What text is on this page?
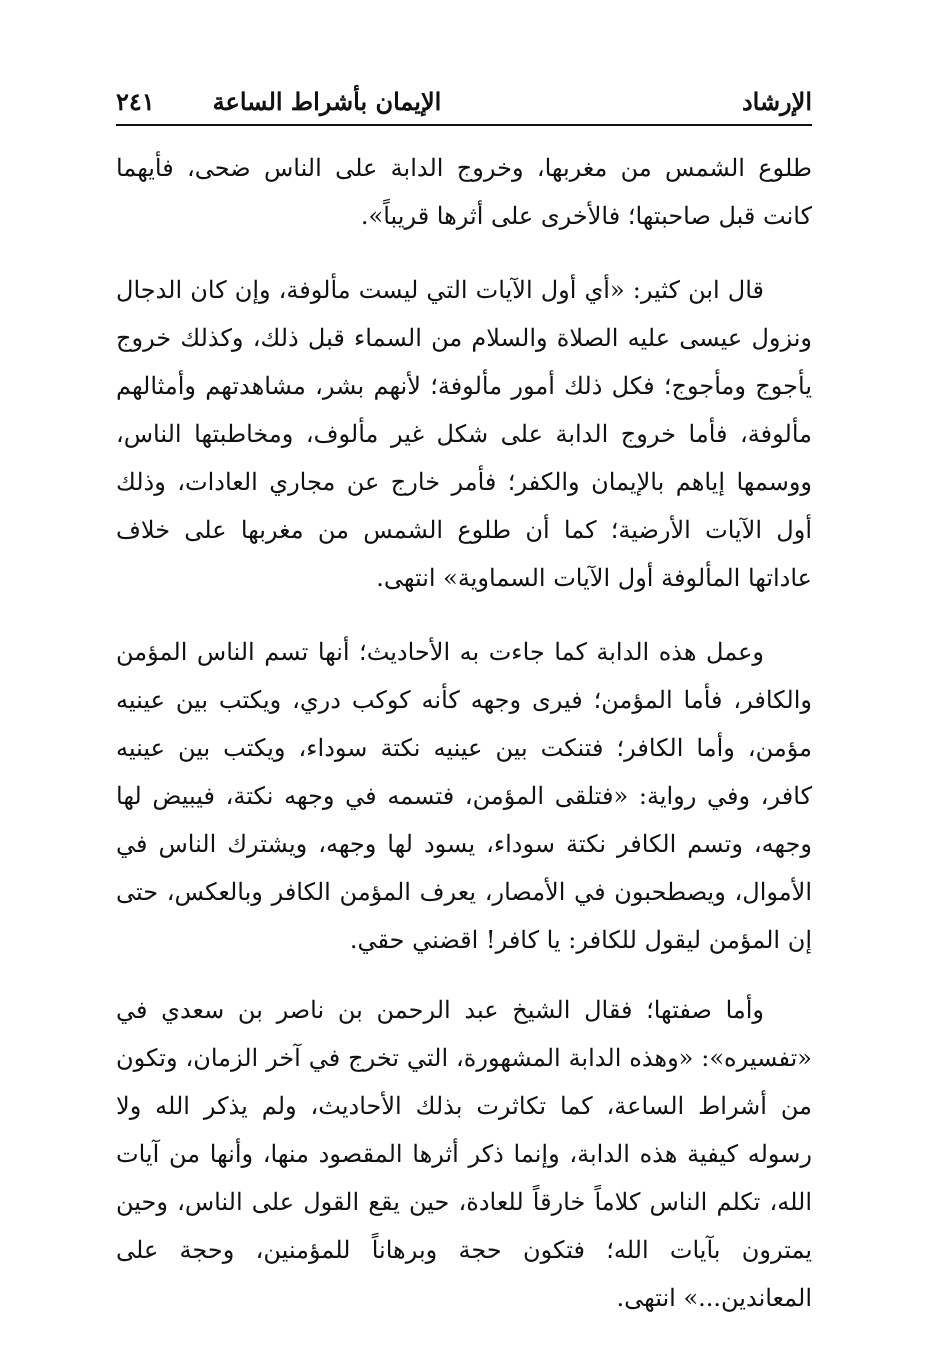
الإرشاد
الإيمان بأشراط الساعة
٢٤١

طلوع الشمس من مغربها، وخروج الدابة على الناس ضحى، فأيهما كانت قبل صاحبتها؛ فالأخرى على أثرها قريباً».

قال ابن كثير: «أي أول الآيات التي ليست مألوفة، وإن كان الدجال ونزول عيسى عليه الصلاة والسلام من السماء قبل ذلك، وكذلك خروج يأجوج ومأجوج؛ فكل ذلك أمور مألوفة؛ لأنهم بشر، مشاهدتهم وأمثالهم مألوفة، فأما خروج الدابة على شكل غير مألوف، ومخاطبتها الناس، ووسمها إياهم بالإيمان والكفر؛ فأمر خارج عن مجاري العادات، وذلك أول الآيات الأرضية؛ كما أن طلوع الشمس من مغربها على خلاف عاداتها المألوفة أول الآيات السماوية» انتهى.

وعمل هذه الدابة كما جاءت به الأحاديث؛ أنها تسم الناس المؤمن والكافر، فأما المؤمن؛ فيرى وجهه كأنه كوكب دري، ويكتب بين عينيه مؤمن، وأما الكافر؛ فتنكت بين عينيه نكتة سوداء، ويكتب بين عينيه كافر، وفي رواية: «فتلقى المؤمن، فتسمه في وجهه نكتة، فيبيض لها وجهه، وتسم الكافر نكتة سوداء، يسود لها وجهه، ويشترك الناس في الأموال، ويصطحبون في الأمصار، يعرف المؤمن الكافر وبالعكس، حتى إن المؤمن ليقول للكافر: يا كافر! اقضني حقي.

وأما صفتها؛ فقال الشيخ عبد الرحمن بن ناصر بن سعدي في «تفسيره»: «وهذه الدابة المشهورة، التي تخرج في آخر الزمان، وتكون من أشراط الساعة، كما تكاثرت بذلك الأحاديث، ولم يذكر الله ولا رسوله كيفية هذه الدابة، وإنما ذكر أثرها المقصود منها، وأنها من آيات الله، تكلم الناس كلاماً خارقاً للعادة، حين يقع القول على الناس، وحين يمترون بآيات الله؛ فتكون حجة وبرهاناً للمؤمنين، وحجة على المعاندين...» انتهى.
